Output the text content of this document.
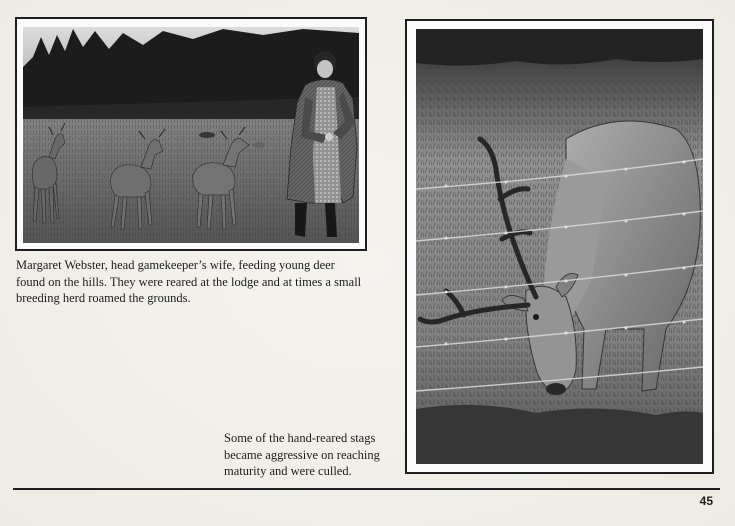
Margaret Webster, head gamekeeper’s wife, feeding young deer found on the hills. They were reared at the lodge and at times a small breeding herd roamed the grounds.

Some of the hand-reared stags became aggressive on reaching maturity and were culled.

45
